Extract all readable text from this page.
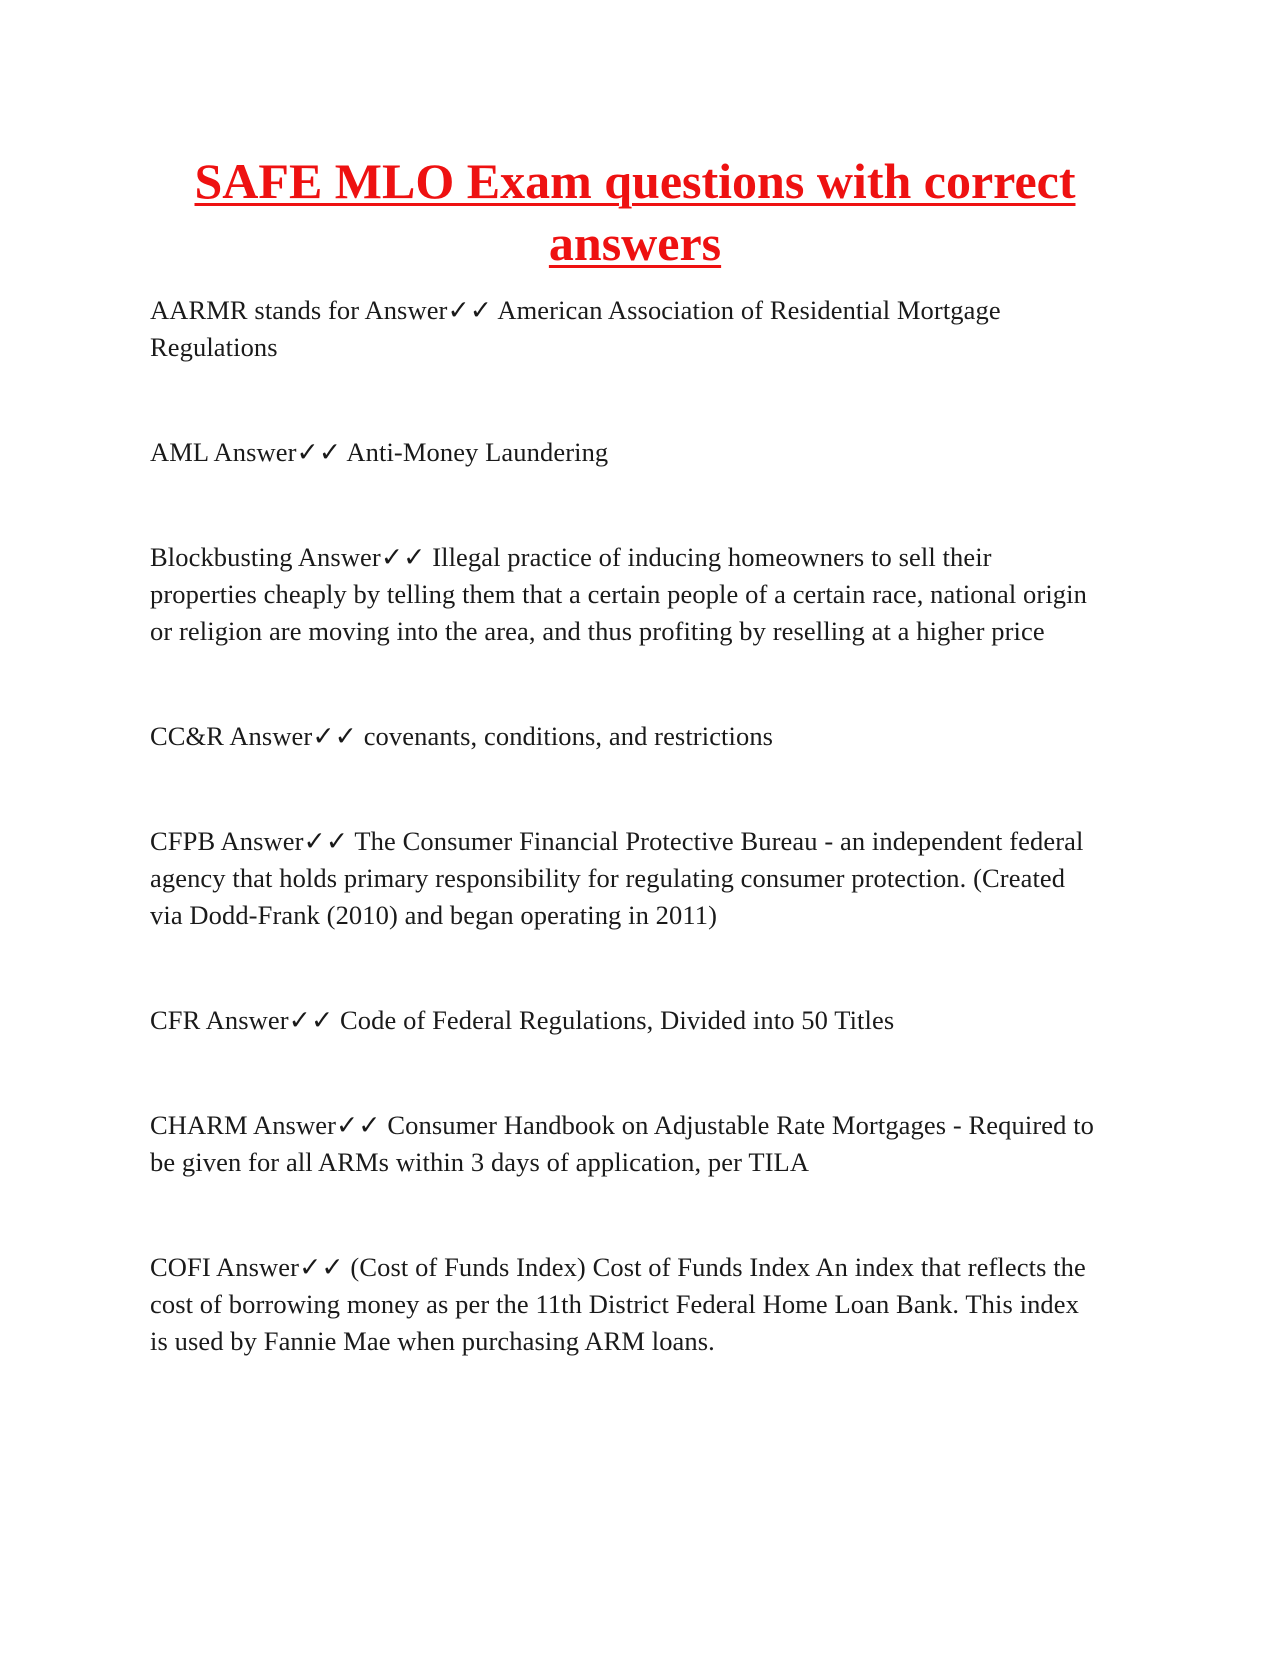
SAFE MLO Exam questions with correct answers

AARMR stands for Answer✓✓ American Association of Residential Mortgage Regulations

AML Answer✓✓ Anti-Money Laundering

Blockbusting Answer✓✓ Illegal practice of inducing homeowners to sell their properties cheaply by telling them that a certain people of a certain race, national origin or religion are moving into the area, and thus profiting by reselling at a higher price

CC&R Answer✓✓ covenants, conditions, and restrictions

CFPB Answer✓✓ The Consumer Financial Protective Bureau - an independent federal agency that holds primary responsibility for regulating consumer protection. (Created via Dodd-Frank (2010) and began operating in 2011)

CFR Answer✓✓ Code of Federal Regulations, Divided into 50 Titles

CHARM Answer✓✓ Consumer Handbook on Adjustable Rate Mortgages - Required to be given for all ARMs within 3 days of application, per TILA

COFI Answer✓✓ (Cost of Funds Index) Cost of Funds Index An index that reflects the cost of borrowing money as per the 11th District Federal Home Loan Bank. This index is used by Fannie Mae when purchasing ARM loans.
